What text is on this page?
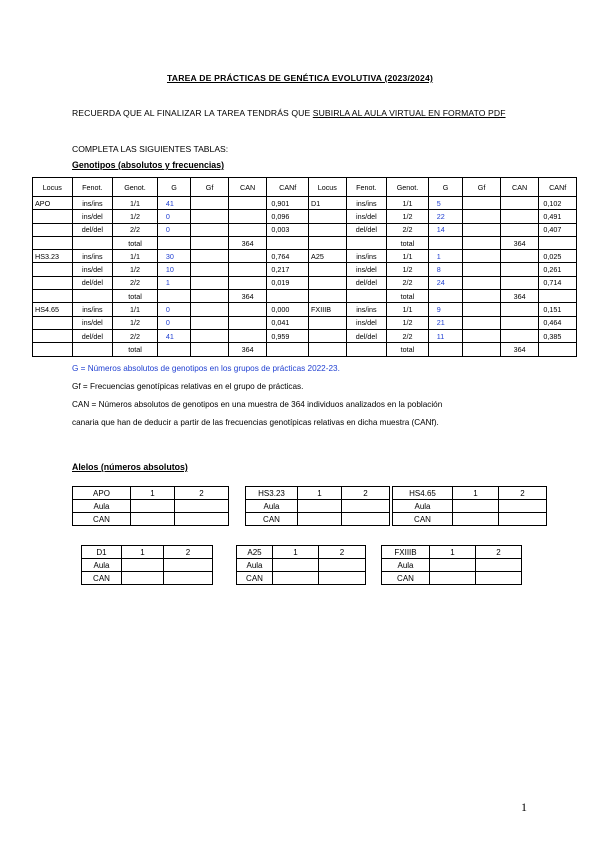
TAREA DE PRÁCTICAS DE GENÉTICA EVOLUTIVA (2023/2024)
RECUERDA QUE AL FINALIZAR LA TAREA TENDRÁS QUE SUBIRLA AL AULA VIRTUAL EN FORMATO PDF
COMPLETA LAS SIGUIENTES TABLAS:
Genotipos (absolutos y frecuencias)
Locus	Fenot.	Genot.	G	Gf	CAN	CANf	Locus	Fenot.	Genot.	G	Gf	CAN	CANf
APO	ins/ins	1/1	41			0,901	D1	ins/ins	1/1	5			0,102
	ins/del	1/2	0			0,096		ins/del	1/2	22			0,491
	del/del	2/2	0			0,003		del/del	2/2	14			0,407
		total			364				total			364	
HS3.23	ins/ins	1/1	30			0,764	A25	ins/ins	1/1	1			0,025
	ins/del	1/2	10			0,217		ins/del	1/2	8			0,261
	del/del	2/2	1			0,019		del/del	2/2	24			0,714
		total			364				total			364	
HS4.65	ins/ins	1/1	0			0,000	FXIIIB	ins/ins	1/1	9			0,151
	ins/del	1/2	0			0,041		ins/del	1/2	21			0,464
	del/del	2/2	41			0,959		del/del	2/2	11			0,385
		total			364				total			364	
G = Números absolutos de genotipos en los grupos de prácticas 2022-23.
Gf = Frecuencias genotípicas relativas en el grupo de prácticas.
CAN = Números absolutos de genotipos en una muestra de 364 individuos analizados en la población
canaria que han de deducir a partir de las frecuencias genotípicas relativas en dicha muestra (CANf).
Alelos (números absolutos)
APO	1	2
Aula		
CAN		
HS3.23	1	2
Aula		
CAN		
HS4.65	1	2
Aula		
CAN		
D1	1	2
Aula		
CAN		
A25	1	2
Aula		
CAN		
FXIIIB	1	2
Aula		
CAN		
1
